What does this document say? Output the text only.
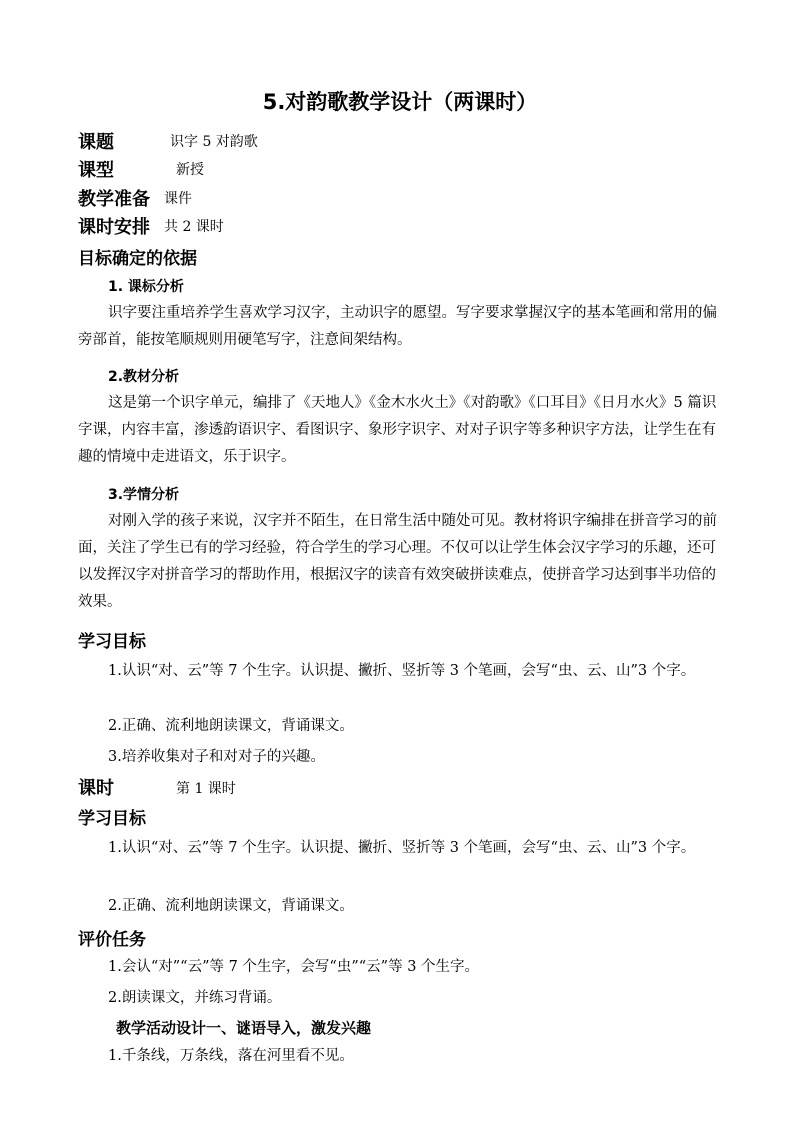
5.对韵歌教学设计（两课时）
课题	识字 5 对韵歌
课型	新授
教学准备 课件
课时安排 共 2 课时
目标确定的依据
1. 课标分析
识字要注重培养学生喜欢学习汉字，主动识字的愿望。写字要求掌握汉字的基本笔画和常用的偏旁部首，能按笔顺规则用硬笔写字，注意间架结构。
2.教材分析
这是第一个识字单元，编排了《天地人》《金木水火土》《对韵歌》《口耳目》《日月水火》5 篇识字课，内容丰富，渗透韵语识字、看图识字、象形字识字、对对子识字等多种识字方法，让学生在有趣的情境中走进语文，乐于识字。
3.学情分析
对刚入学的孩子来说，汉字并不陌生，在日常生活中随处可见。教材将识字编排在拼音学习的前面，关注了学生已有的学习经验，符合学生的学习心理。不仅可以让学生体会汉字学习的乐趣，还可以发挥汉字对拼音学习的帮助作用，根据汉字的读音有效突破拼读难点，使拼音学习达到事半功倍的效果。
学习目标
1.认识“对、云”等 7 个生字。认识提、撇折、竖折等 3 个笔画，会写“虫、云、山”3 个字。
2.正确、流利地朗读课文，背诵课文。
3.培养收集对子和对对子的兴趣。
课时	第 1 课时
学习目标
1.认识“对、云”等 7 个生字。认识提、撇折、竖折等 3 个笔画，会写“虫、云、山”3 个字。
2.正确、流利地朗读课文，背诵课文。
评价任务
1.会认“对”“云”等 7 个生字，会写“虫”“云”等 3 个生字。
2.朗读课文，并练习背诵。
教学活动设计一、谜语导入，激发兴趣
1.千条线，万条线，落在河里看不见。
